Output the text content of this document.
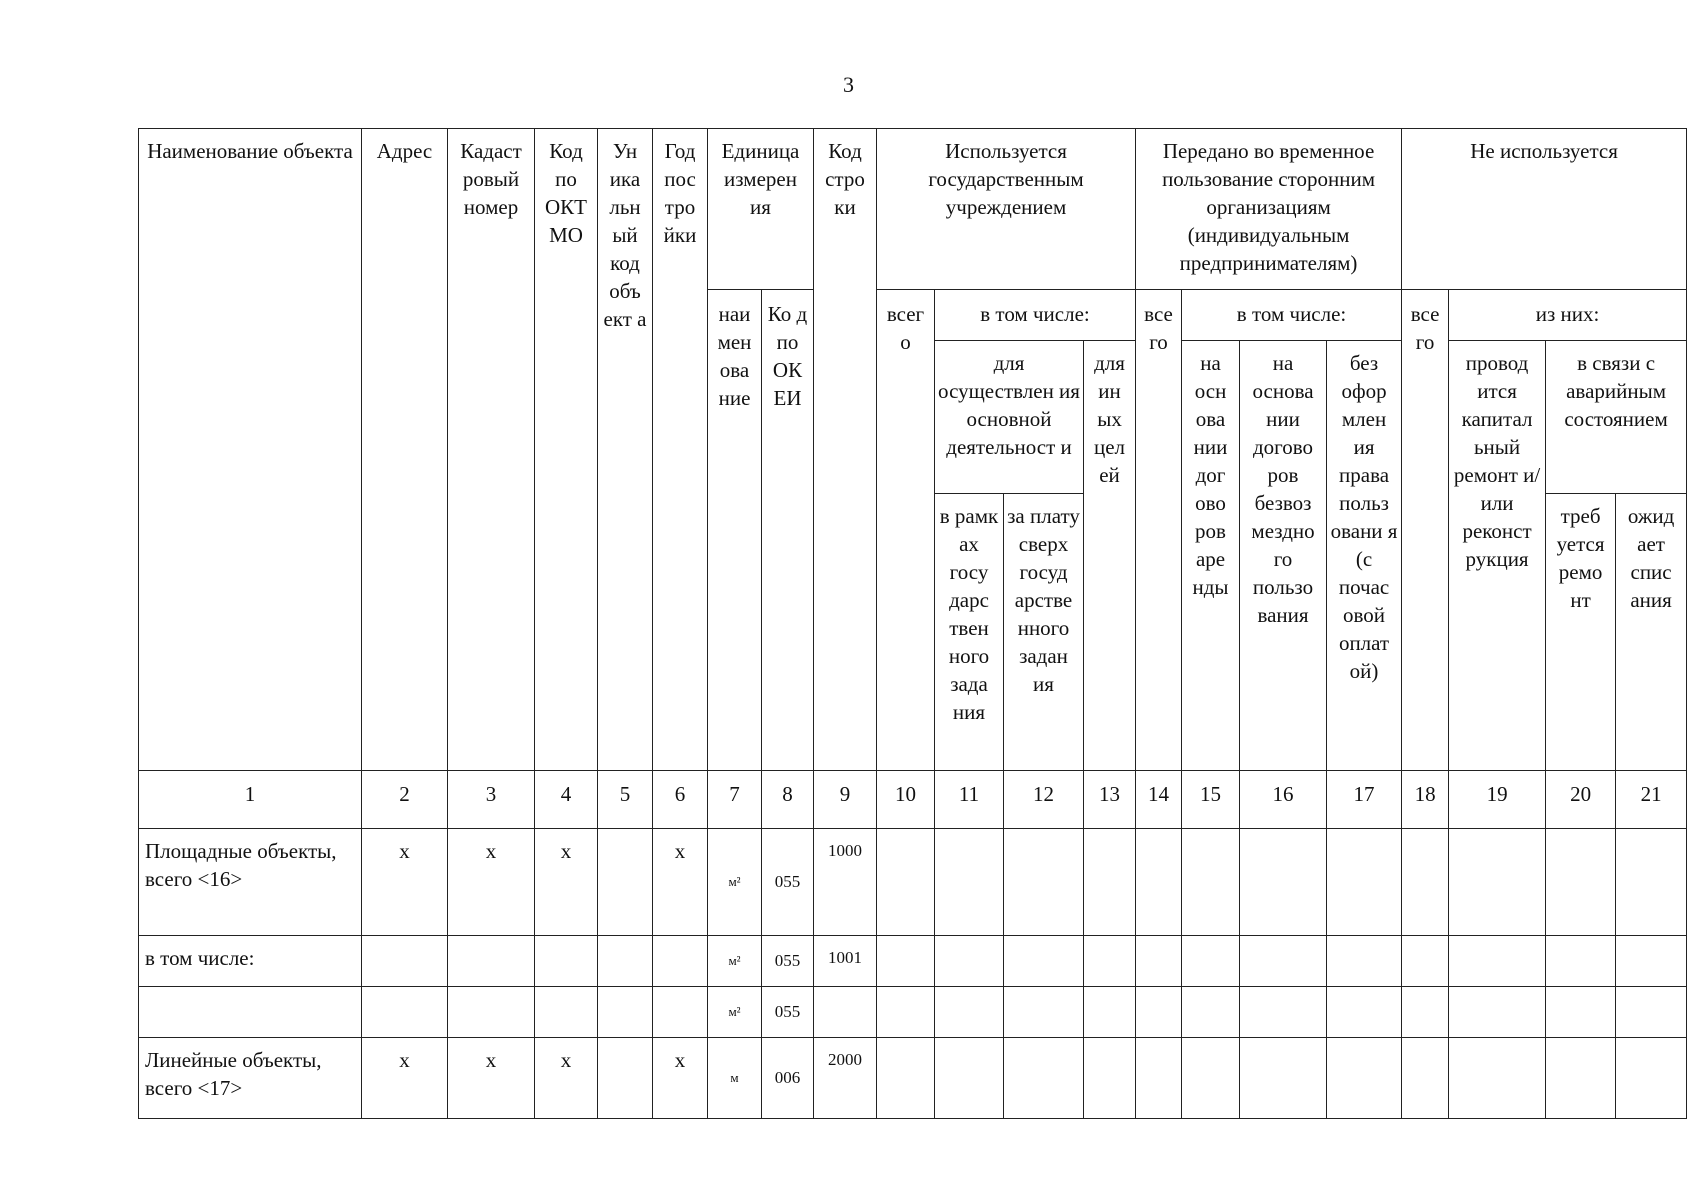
3
Наименование объекта	Адрес	Кадаст ровый номер	Код по ОКТ МО	Ун ика льн ый код объ ект а	Год пос тро йки	Единица измерен ия		Код стро ки	Используется государственным учреждением				Передано во временное пользование сторонним организациям (индивидуальным предпринимателям)				Не используется			
						наи мен ова ние	Ко д по ОК ЕИ		всег о	в том числе:			все го	в том числе:			все го	из них:		
										для осуществлен ия основной деятельност и		для ин ых цел ей		на осн ова нии дог ово ров аре нды	на основа нии догово ров безвоз мездно го пользо вания	без офор млен ия права польз овани я (с почас овой оплат ой)		провод ится капитал ьный ремонт и/или реконст рукция	в связи с аварийным состоянием	
										в рамк ах госу дарс твен ного зада ния	за плату сверх госуд арстве нного задан ия								треб уется ремо нт	ожид ает спис ания
1	2	3	4	5	6	7	8	9	10	11	12	13	14	15	16	17	18	19	20	21
Площадные объекты, всего <16>	x	x	x		x	м²	055	1000												
в том числе:						м²	055	1001												
						м²	055													
Линейные объекты, всего <17>	x	x	x		x	м	006	2000												
